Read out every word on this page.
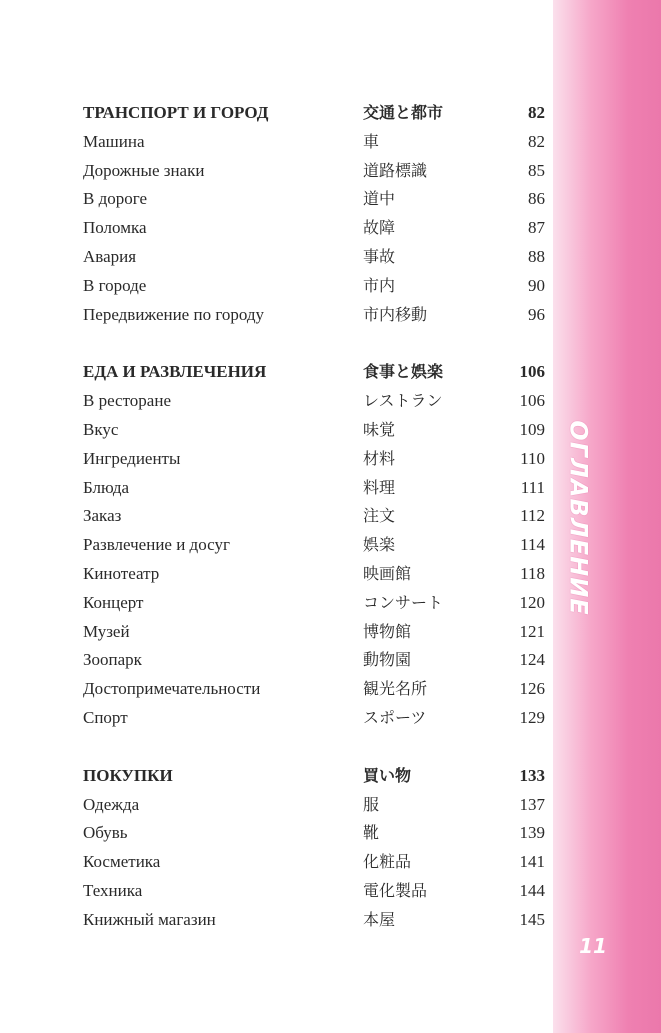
ОГЛАВЛЕНИЕ
11
ТРАНСПОРТ И ГОРОД	交通と都市	82
Машина	車	82
Дорожные знаки	道路標識	85
В дороге	道中	86
Поломка	故障	87
Авария	事故	88
В городе	市内	90
Передвижение по городу	市内移動	96
ЕДА И РАЗВЛЕЧЕНИЯ	食事と娯楽	106
В ресторане	レストラン	106
Вкус	味覚	109
Ингредиенты	材料	110
Блюда	料理	111
Заказ	注文	112
Развлечение и досуг	娯楽	114
Кинотеатр	映画館	118
Концерт	コンサート	120
Музей	博物館	121
Зоопарк	動物園	124
Достопримечательности	観光名所	126
Спорт	スポーツ	129
ПОКУПКИ	買い物	133
Одежда	服	137
Обувь	靴	139
Косметика	化粧品	141
Техника	電化製品	144
Книжный магазин	本屋	145
